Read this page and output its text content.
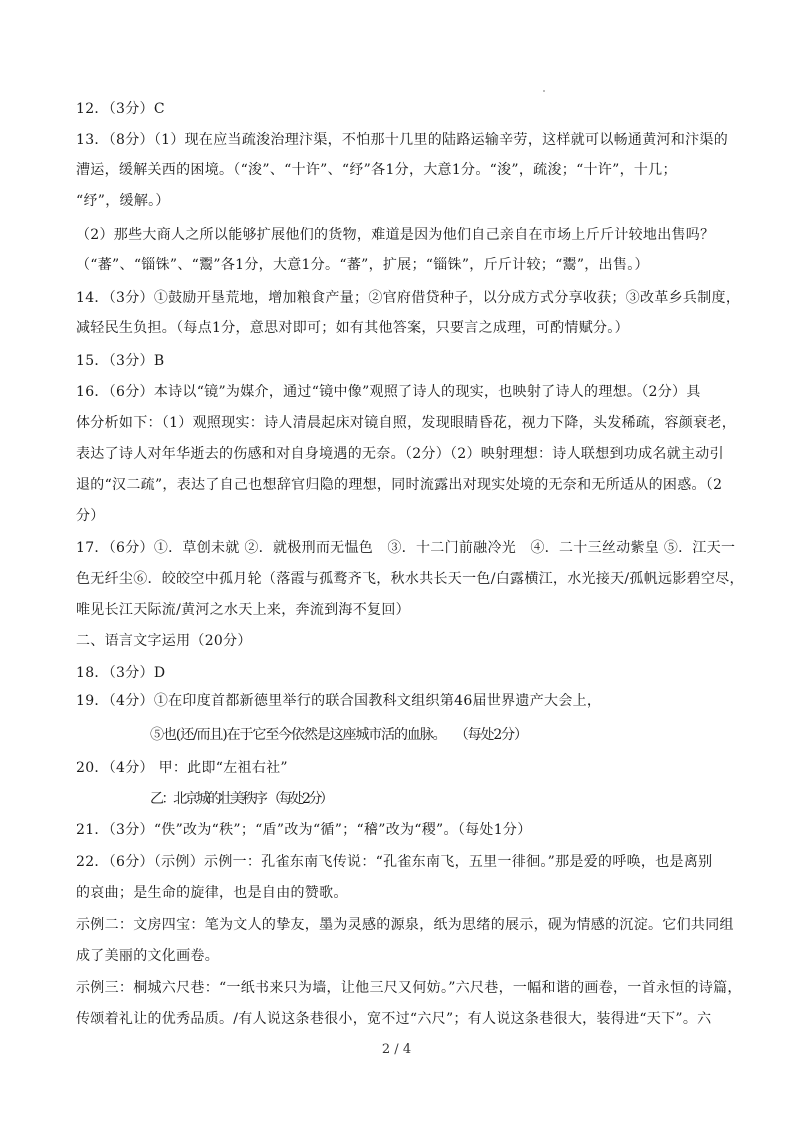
12．（3分）C
13．（8分）（1）现在应当疏浚治理汴渠，不怕那十几里的陆路运输辛劳，这样就可以畅通黄河和汴渠的
漕运，缓解关西的困境。（“浚”、“十许”、“纾”各1分，大意1分。“浚”，疏浚；“十许”，十几；
“纾”，缓解。）
（2）那些大商人之所以能够扩展他们的货物，难道是因为他们自己亲自在市场上斤斤计较地出售吗？
（“蕃”、“锱铢”、“鬻”各1分，大意1分。“蕃”，扩展；“锱铢”，斤斤计较；“鬻”，出售。）
14．（3分）①鼓励开垦荒地，增加粮食产量；②官府借贷种子，以分成方式分享收获；③改革乡兵制度，
减轻民生负担。（每点1分，意思对即可；如有其他答案，只要言之成理，可酌情赋分。）
15．（3分）B
16．（6分）本诗以“镜”为媒介，通过“镜中像”观照了诗人的现实，也映射了诗人的理想。（2分）具
体分析如下：（1）观照现实：诗人清晨起床对镜自照，发现眼睛昏花，视力下降，头发稀疏，容颜衰老，
表达了诗人对年华逝去的伤感和对自身境遇的无奈。（2分）（2）映射理想：诗人联想到功成名就主动引
退的“汉二疏”，表达了自己也想辞官归隐的理想，同时流露出对现实处境的无奈和无所适从的困惑。（2
分）
17．（6分）①．草创未就 ②．就极刑而无愠色　③．十二门前融冷光　④．二十三丝动紫皇 ⑤．江天一
色无纤尘⑥．皎皎空中孤月轮（落霞与孤鹜齐飞，秋水共长天一色/白露横江，水光接天/孤帆远影碧空尽，
唯见长江天际流/黄河之水天上来，奔流到海不复回）
二、语言文字运用（20分）
18．（3分）D
19．（4分）①在印度首都新德里举行的联合国教科文组织第46届世界遗产大会上，
⑤也(还/而且)在于它至今依然是这座城市活的血脉。　 （每处2分）
20．（4分） 甲：此即“左祖右社”
乙：北京城的壮美秩序 （每处2分）
21．（3分）“佚”改为“秩”；“盾”改为“循”；“稽”改为“稷”。（每处1分）
22．（6分）（示例）示例一：孔雀东南飞传说：“孔雀东南飞，五里一徘徊。”那是爱的呼唤，也是离别
的哀曲；是生命的旋律，也是自由的赞歌。
示例二：文房四宝：笔为文人的挚友，墨为灵感的源泉，纸为思绪的展示，砚为情感的沉淀。它们共同组
成了美丽的文化画卷。
示例三：桐城六尺巷：“一纸书来只为墙，让他三尺又何妨。”六尺巷，一幅和谐的画卷，一首永恒的诗篇，
传颂着礼让的优秀品质。/有人说这条巷很小，宽不过“六尺”；有人说这条巷很大，装得进“天下”。六
2 / 4
